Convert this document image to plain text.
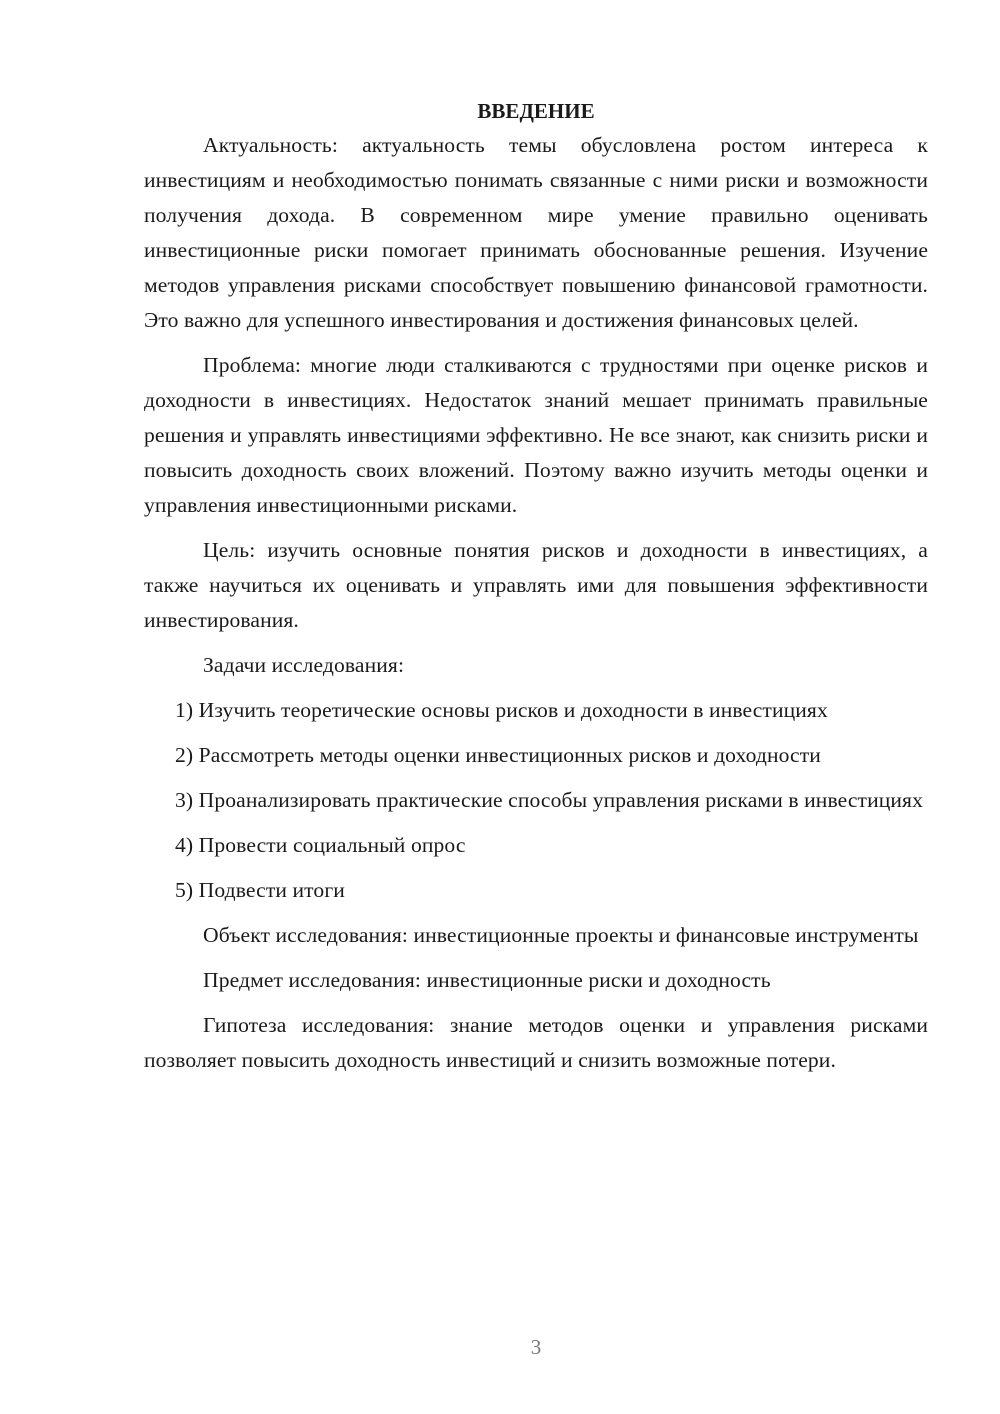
ВВЕДЕНИЕ

Актуальность: актуальность темы обусловлена ростом интереса к инвестициям и необходимостью понимать связанные с ними риски и возможности получения дохода. В современном мире умение правильно оценивать инвестиционные риски помогает принимать обоснованные решения. Изучение методов управления рисками способствует повышению финансовой грамотности. Это важно для успешного инвестирования и достижения финансовых целей.

Проблема: многие люди сталкиваются с трудностями при оценке рисков и доходности в инвестициях. Недостаток знаний мешает принимать правильные решения и управлять инвестициями эффективно. Не все знают, как снизить риски и повысить доходность своих вложений. Поэтому важно изучить методы оценки и управления инвестиционными рисками.

Цель: изучить основные понятия рисков и доходности в инвестициях, а также научиться их оценивать и управлять ими для повышения эффективности инвестирования.

Задачи исследования:

1) Изучить теоретические основы рисков и доходности в инвестициях

2) Рассмотреть методы оценки инвестиционных рисков и доходности

3) Проанализировать практические способы управления рисками в инвестициях

4) Провести социальный опрос

5) Подвести итоги

Объект исследования: инвестиционные проекты и финансовые инструменты

Предмет исследования: инвестиционные риски и доходность

Гипотеза исследования: знание методов оценки и управления рисками позволяет повысить доходность инвестиций и снизить возможные потери.

3
